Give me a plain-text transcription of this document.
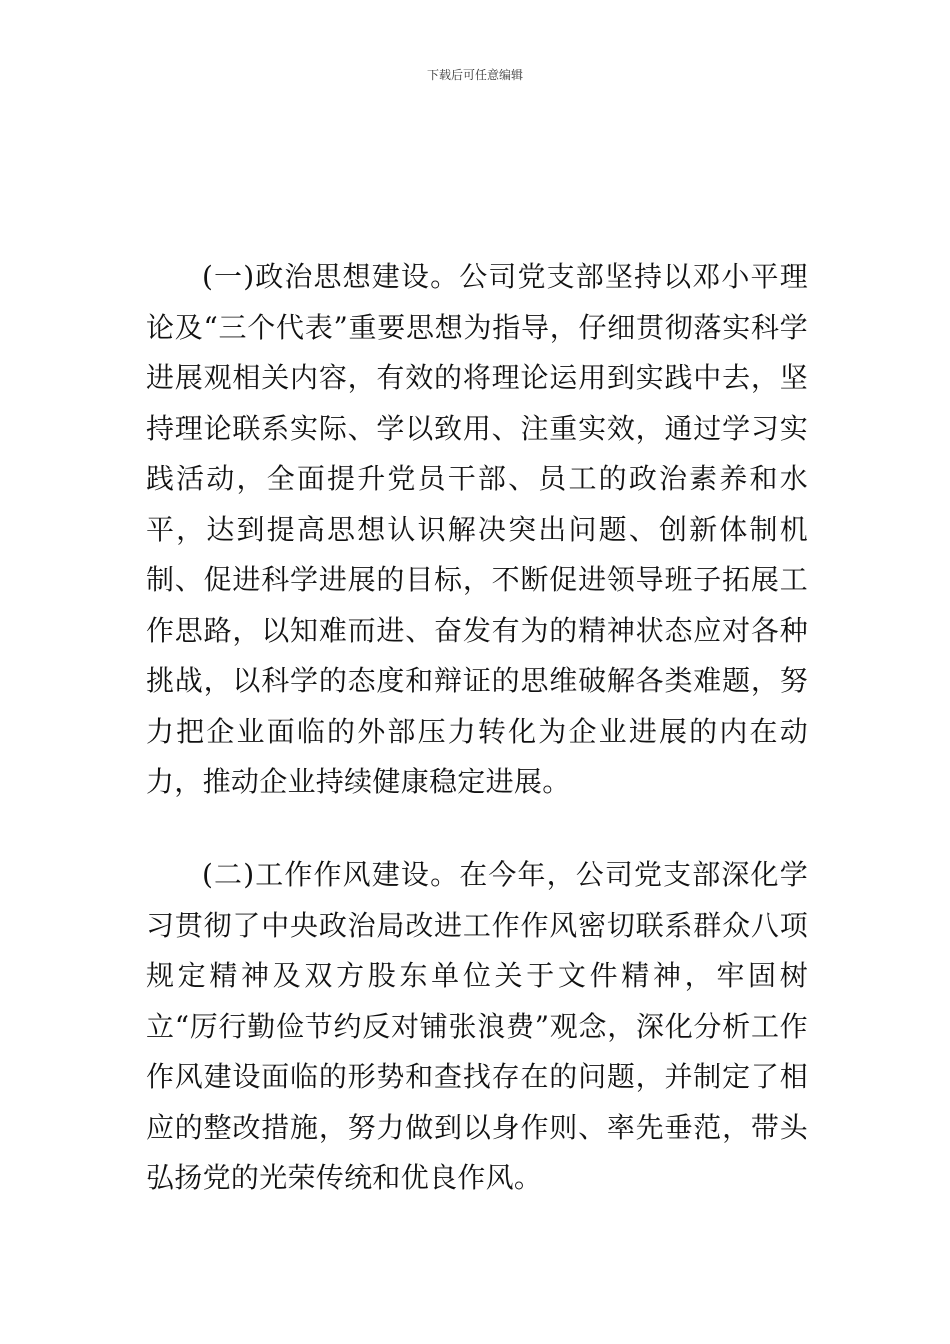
下载后可任意编辑

(一)政治思想建设。公司党支部坚持以邓小平理论及“三个代表”重要思想为指导，仔细贯彻落实科学进展观相关内容，有效的将理论运用到实践中去，坚持理论联系实际、学以致用、注重实效，通过学习实践活动，全面提升党员干部、员工的政治素养和水平，达到提高思想认识解决突出问题、创新体制机制、促进科学进展的目标，不断促进领导班子拓展工作思路，以知难而进、奋发有为的精神状态应对各种挑战，以科学的态度和辩证的思维破解各类难题，努力把企业面临的外部压力转化为企业进展的内在动力，推动企业持续健康稳定进展。

(二)工作作风建设。在今年，公司党支部深化学习贯彻了中央政治局改进工作作风密切联系群众八项规定精神及双方股东单位关于文件精神，牢固树立“厉行勤俭节约反对铺张浪费”观念，深化分析工作作风建设面临的形势和查找存在的问题，并制定了相应的整改措施，努力做到以身作则、率先垂范，带头弘扬党的光荣传统和优良作风。
